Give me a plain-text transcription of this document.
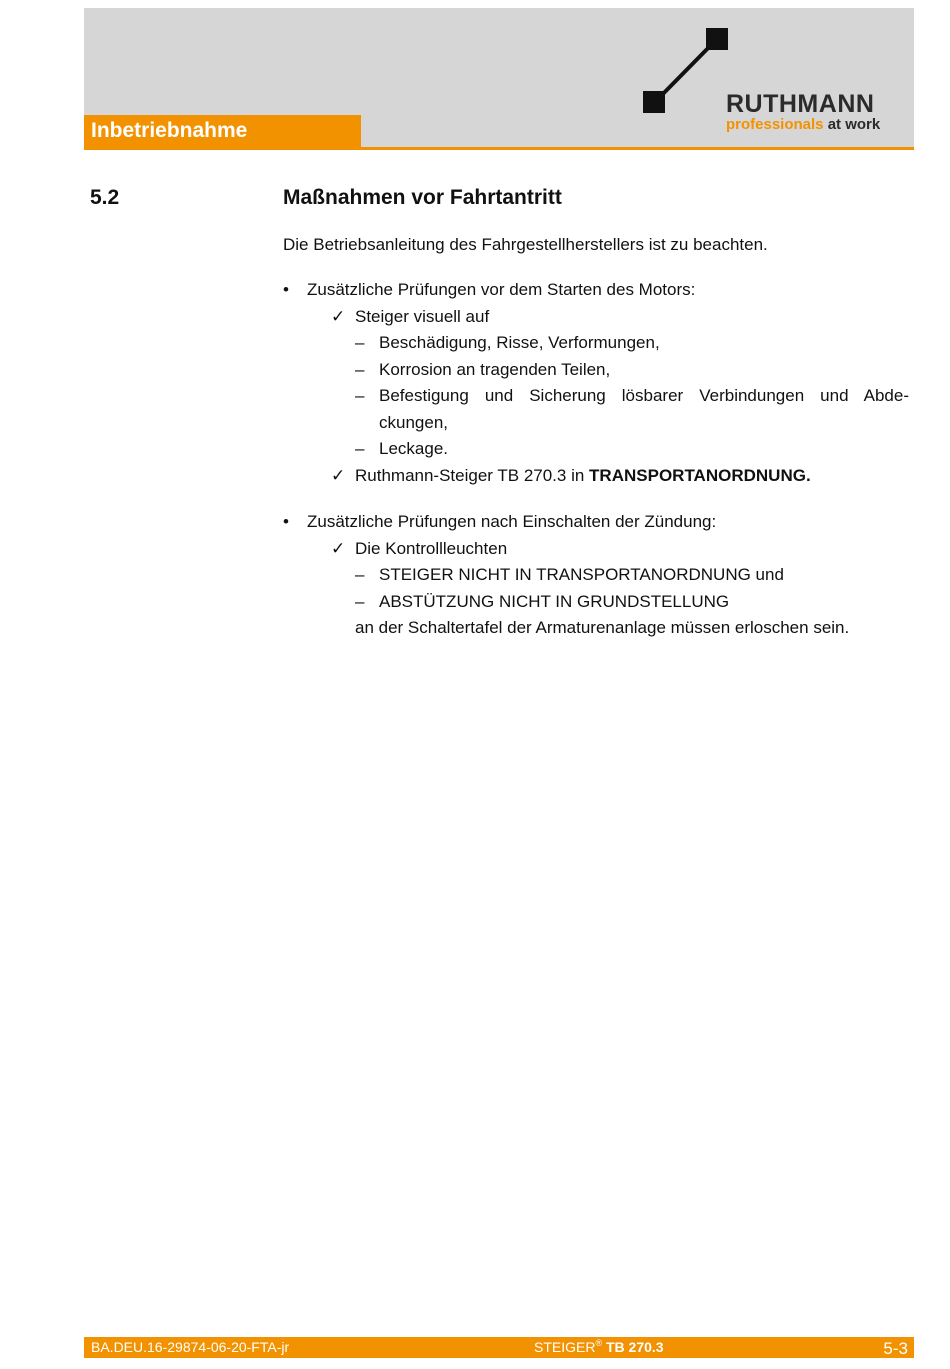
Inbetriebnahme
RUTHMANN
professionals at work
5.2	Maßnahmen vor Fahrtantritt

Die Betriebsanleitung des Fahrgestellherstellers ist zu beachten.

• Zusätzliche Prüfungen vor dem Starten des Motors:
✓ Steiger visuell auf
– Beschädigung, Risse, Verformungen,
– Korrosion an tragenden Teilen,
– Befestigung und Sicherung lösbarer Verbindungen und Abde-
ckungen,
– Leckage.
✓ Ruthmann-Steiger TB 270.3 in TRANSPORTANORDNUNG.
• Zusätzliche Prüfungen nach Einschalten der Zündung:
✓ Die Kontrollleuchten
– STEIGER NICHT IN TRANSPORTANORDNUNG und
– ABSTÜTZUNG NICHT IN GRUNDSTELLUNG
an der Schaltertafel der Armaturenanlage müssen erloschen sein.
BA.DEU.16-29874-06-20-FTA-jr	STEIGER® TB 270.3	5-3
